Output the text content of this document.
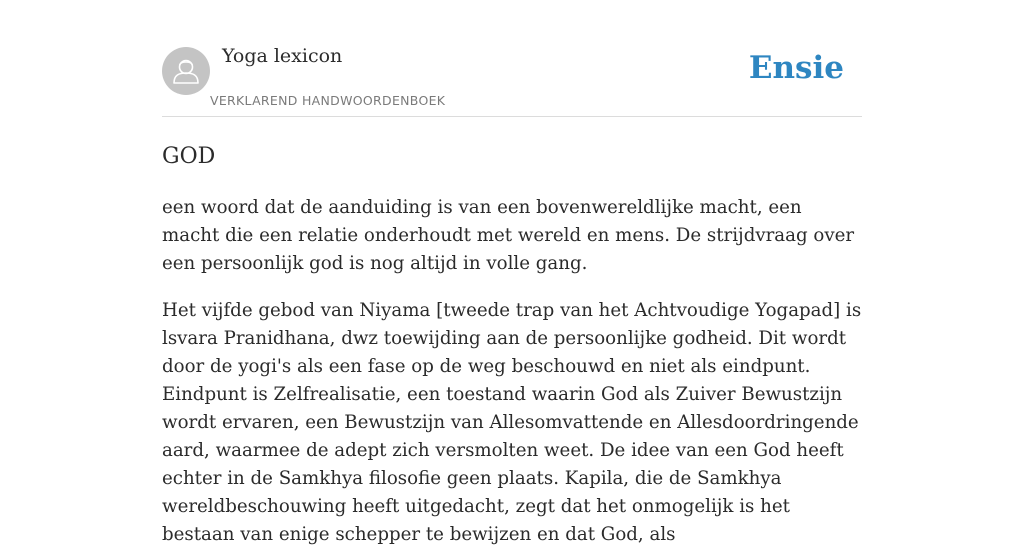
Yoga lexicon
VERKLAREND HANDWOORDENBOEK
Ensie
GOD

een woord dat de aanduiding is van een bovenwereldlijke macht, een macht die een relatie onderhoudt met wereld en mens. De strijdvraag over een persoonlijk god is nog altijd in volle gang.

Het vijfde gebod van Niyama [tweede trap van het Achtvoudige Yogapad] is lsvara Pranidhana, dwz toewijding aan de persoonlijke godheid. Dit wordt door de yogi's als een fase op de weg beschouwd en niet als eindpunt. Eindpunt is Zelfrealisatie, een toestand waarin God als Zuiver Bewustzijn wordt ervaren, een Bewustzijn van Allesomvattende en Allesdoordringende aard, waarmee de adept zich versmolten weet. De idee van een God heeft echter in de Samkhya filosofie geen plaats. Kapila, die de Samkhya wereldbeschouwing heeft uitgedacht, zegt dat het onmogelijk is het bestaan van enige schepper te bewijzen en dat God, als
